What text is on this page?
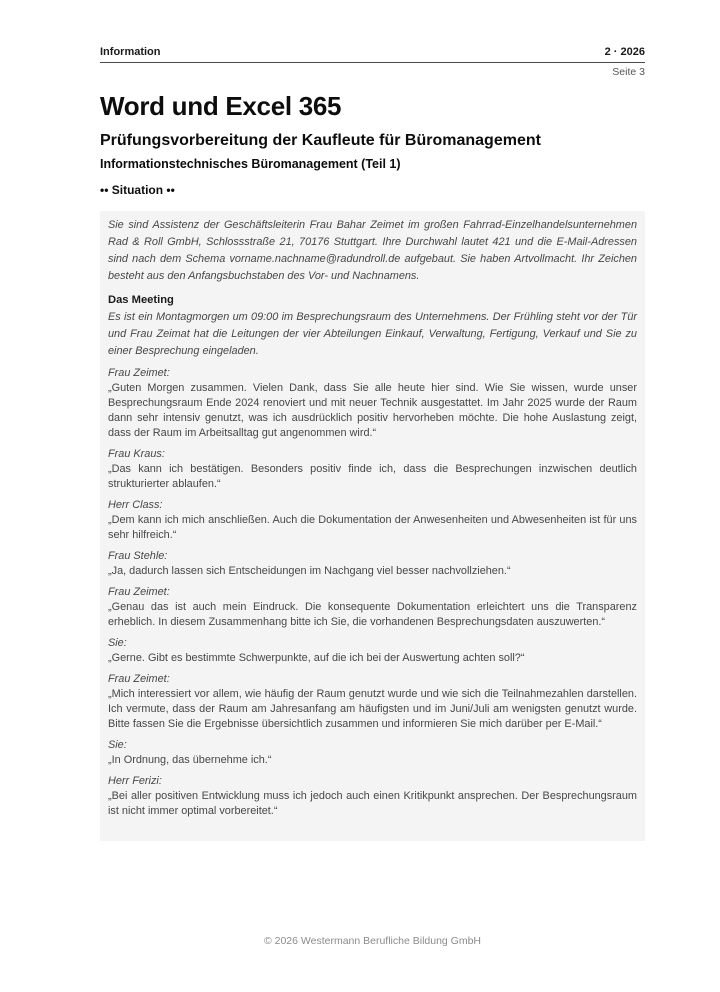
Information	2 · 2026
Seite 3
Word und Excel 365
Prüfungsvorbereitung der Kaufleute für Büromanagement
Informationstechnisches Büromanagement (Teil 1)
•• Situation ••

Sie sind Assistenz der Geschäftsleiterin Frau Bahar Zeimet im großen Fahrrad-Einzelhandelsunternehmen Rad & Roll GmbH, Schlossstraße 21, 70176 Stuttgart. Ihre Durchwahl lautet 421 und die E-Mail-Adressen sind nach dem Schema vorname.nachname@radundroll.de aufgebaut. Sie haben Artvollmacht. Ihr Zeichen besteht aus den Anfangsbuchstaben des Vor- und Nachnamens.

Das Meeting

Es ist ein Montagmorgen um 09:00 im Besprechungsraum des Unternehmens. Der Frühling steht vor der Tür und Frau Zeimat hat die Leitungen der vier Abteilungen Einkauf, Verwaltung, Fertigung, Verkauf und Sie zu einer Besprechung eingeladen.

Frau Zeimet:
„Guten Morgen zusammen. Vielen Dank, dass Sie alle heute hier sind. Wie Sie wissen, wurde unser Besprechungsraum Ende 2024 renoviert und mit neuer Technik ausgestattet. Im Jahr 2025 wurde der Raum dann sehr intensiv genutzt, was ich ausdrücklich positiv hervorheben möchte. Die hohe Auslastung zeigt, dass der Raum im Arbeitsalltag gut angenommen wird.“
Frau Kraus:
„Das kann ich bestätigen. Besonders positiv finde ich, dass die Besprechungen inzwischen deutlich strukturierter ablaufen.“
Herr Class:
„Dem kann ich mich anschließen. Auch die Dokumentation der Anwesenheiten und Abwesenheiten ist für uns sehr hilfreich.“
Frau Stehle:
„Ja, dadurch lassen sich Entscheidungen im Nachgang viel besser nachvollziehen.“
Frau Zeimet:
„Genau das ist auch mein Eindruck. Die konsequente Dokumentation erleichtert uns die Transparenz erheblich. In diesem Zusammenhang bitte ich Sie, die vorhandenen Besprechungsdaten auszuwerten.“
Sie:
„Gerne. Gibt es bestimmte Schwerpunkte, auf die ich bei der Auswertung achten soll?“
Frau Zeimet:
„Mich interessiert vor allem, wie häufig der Raum genutzt wurde und wie sich die Teilnahmezahlen darstellen. Ich vermute, dass der Raum am Jahresanfang am häufigsten und im Juni/Juli am wenigsten genutzt wurde. Bitte fassen Sie die Ergebnisse übersichtlich zusammen und informieren Sie mich darüber per E-Mail.“
Sie:
„In Ordnung, das übernehme ich.“
Herr Ferizi:
„Bei aller positiven Entwicklung muss ich jedoch auch einen Kritikpunkt ansprechen. Der Besprechungsraum ist nicht immer optimal vorbereitet.“
© 2026 Westermann Berufliche Bildung GmbH
